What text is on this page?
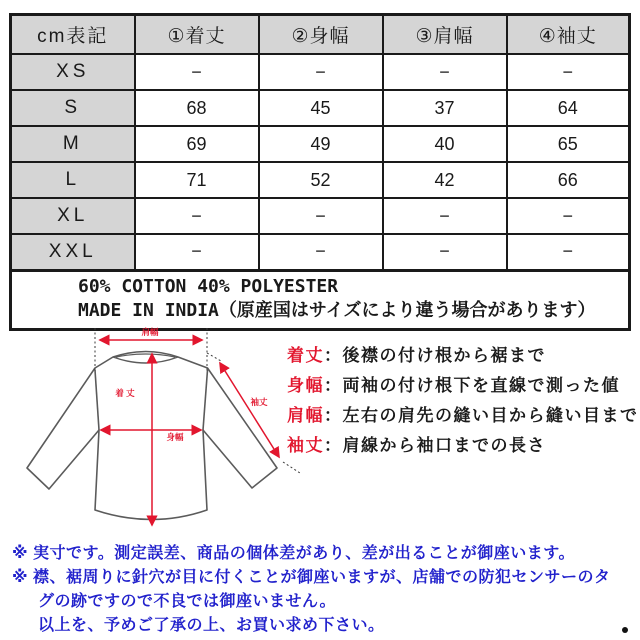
cm表記	①着丈	②身幅	③肩幅	④袖丈
XS	−	−	−	−
S	68	45	37	64
M	69	49	40	65
L	71	52	42	66
XL	−	−	−	−
XXL	−	−	−	−

60% COTTON 40% POLYESTER
MADE IN INDIA（原産国はサイズにより違う場合があります）				
肩幅
着 丈
身幅
袖丈
着丈：後襟の付け根から裾まで
身幅：両袖の付け根下を直線で測った値
肩幅：左右の肩先の縫い目から縫い目まで
袖丈：肩線から袖口までの長さ
※ 実寸です。測定誤差、商品の個体差があり、差が出ることが御座います。
※ 襟、裾周りに針穴が目に付くことが御座いますが、店舗での防犯センサーのタ
グの跡ですので不良では御座いません。
以上を、予めご了承の上、お買い求め下さい。
